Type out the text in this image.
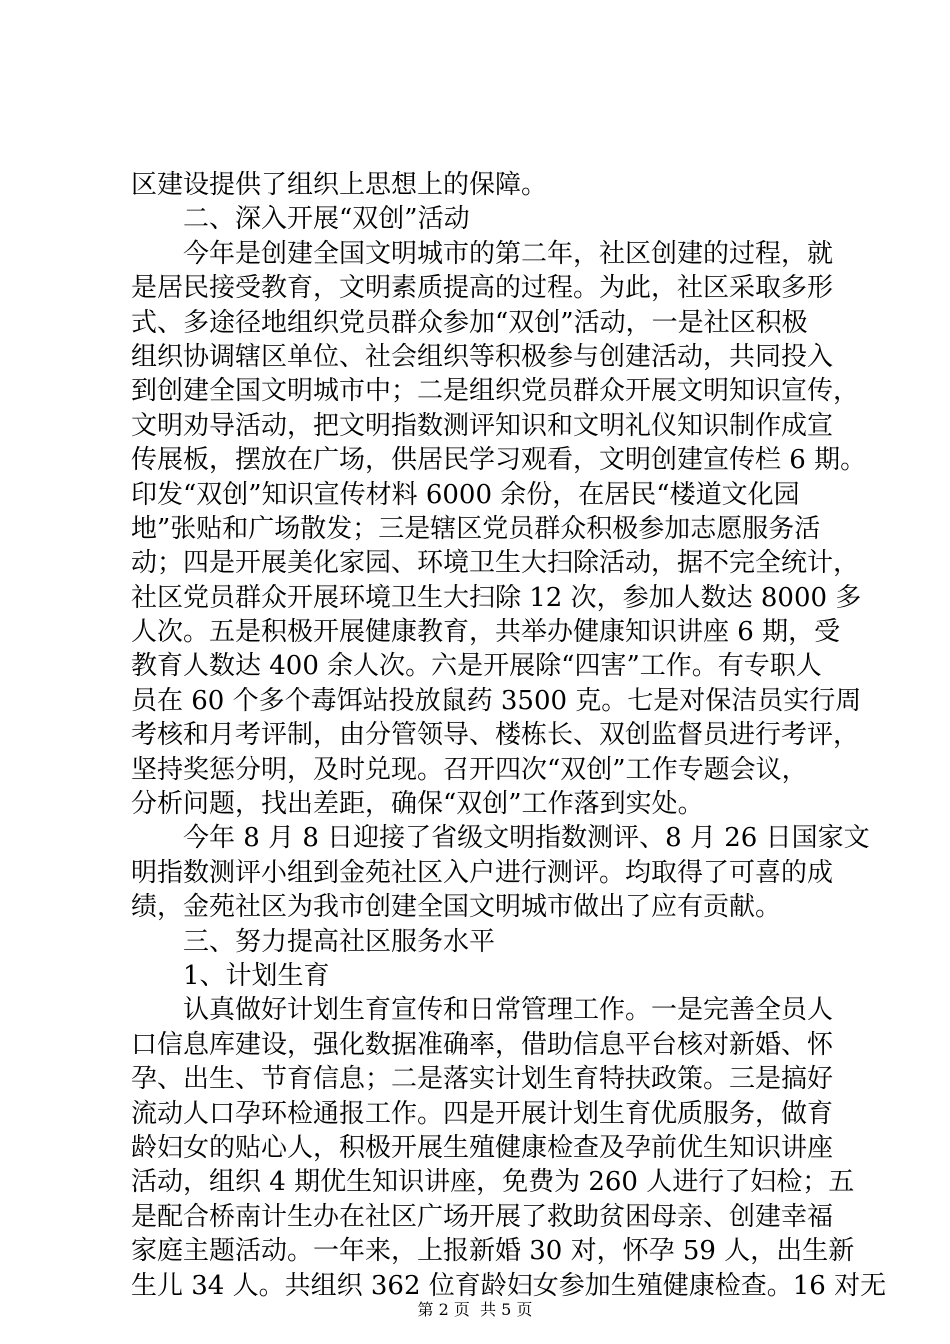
区建设提供了组织上思想上的保障。
　　二、深入开展“双创”活动
　　今年是创建全国文明城市的第二年，社区创建的过程，就
是居民接受教育，文明素质提高的过程。为此，社区采取多形
式、多途径地组织党员群众参加“双创”活动，一是社区积极
组织协调辖区单位、社会组织等积极参与创建活动，共同投入
到创建全国文明城市中；二是组织党员群众开展文明知识宣传，
文明劝导活动，把文明指数测评知识和文明礼仪知识制作成宣
传展板，摆放在广场，供居民学习观看，文明创建宣传栏 6 期。
印发“双创”知识宣传材料 6000 余份，在居民“楼道文化园
地”张贴和广场散发；三是辖区党员群众积极参加志愿服务活
动；四是开展美化家园、环境卫生大扫除活动，据不完全统计，
社区党员群众开展环境卫生大扫除 12 次，参加人数达 8000 多
人次。五是积极开展健康教育，共举办健康知识讲座 6 期，受
教育人数达 400 余人次。六是开展除“四害”工作。有专职人
员在 60 个多个毒饵站投放鼠药 3500 克。七是对保洁员实行周
考核和月考评制，由分管领导、楼栋长、双创监督员进行考评，
坚持奖惩分明，及时兑现。召开四次“双创”工作专题会议，
分析问题，找出差距，确保“双创”工作落到实处。
　　今年 8 月 8 日迎接了省级文明指数测评、8 月 26 日国家文
明指数测评小组到金苑社区入户进行测评。均取得了可喜的成
绩，金苑社区为我市创建全国文明城市做出了应有贡献。
　　三、努力提高社区服务水平
　　1、计划生育
　　认真做好计划生育宣传和日常管理工作。一是完善全员人
口信息库建设，强化数据准确率，借助信息平台核对新婚、怀
孕、出生、节育信息；二是落实计划生育特扶政策。三是搞好
流动人口孕环检通报工作。四是开展计划生育优质服务，做育
龄妇女的贴心人，积极开展生殖健康检查及孕前优生知识讲座
活动，组织 4 期优生知识讲座，免费为 260 人进行了妇检；五
是配合桥南计生办在社区广场开展了救助贫困母亲、创建幸福
家庭主题活动。一年来，上报新婚 30 对，怀孕 59 人，出生新
生儿 34 人。共组织 362 位育龄妇女参加生殖健康检查。16 对无
第 2 页  共 5 页
